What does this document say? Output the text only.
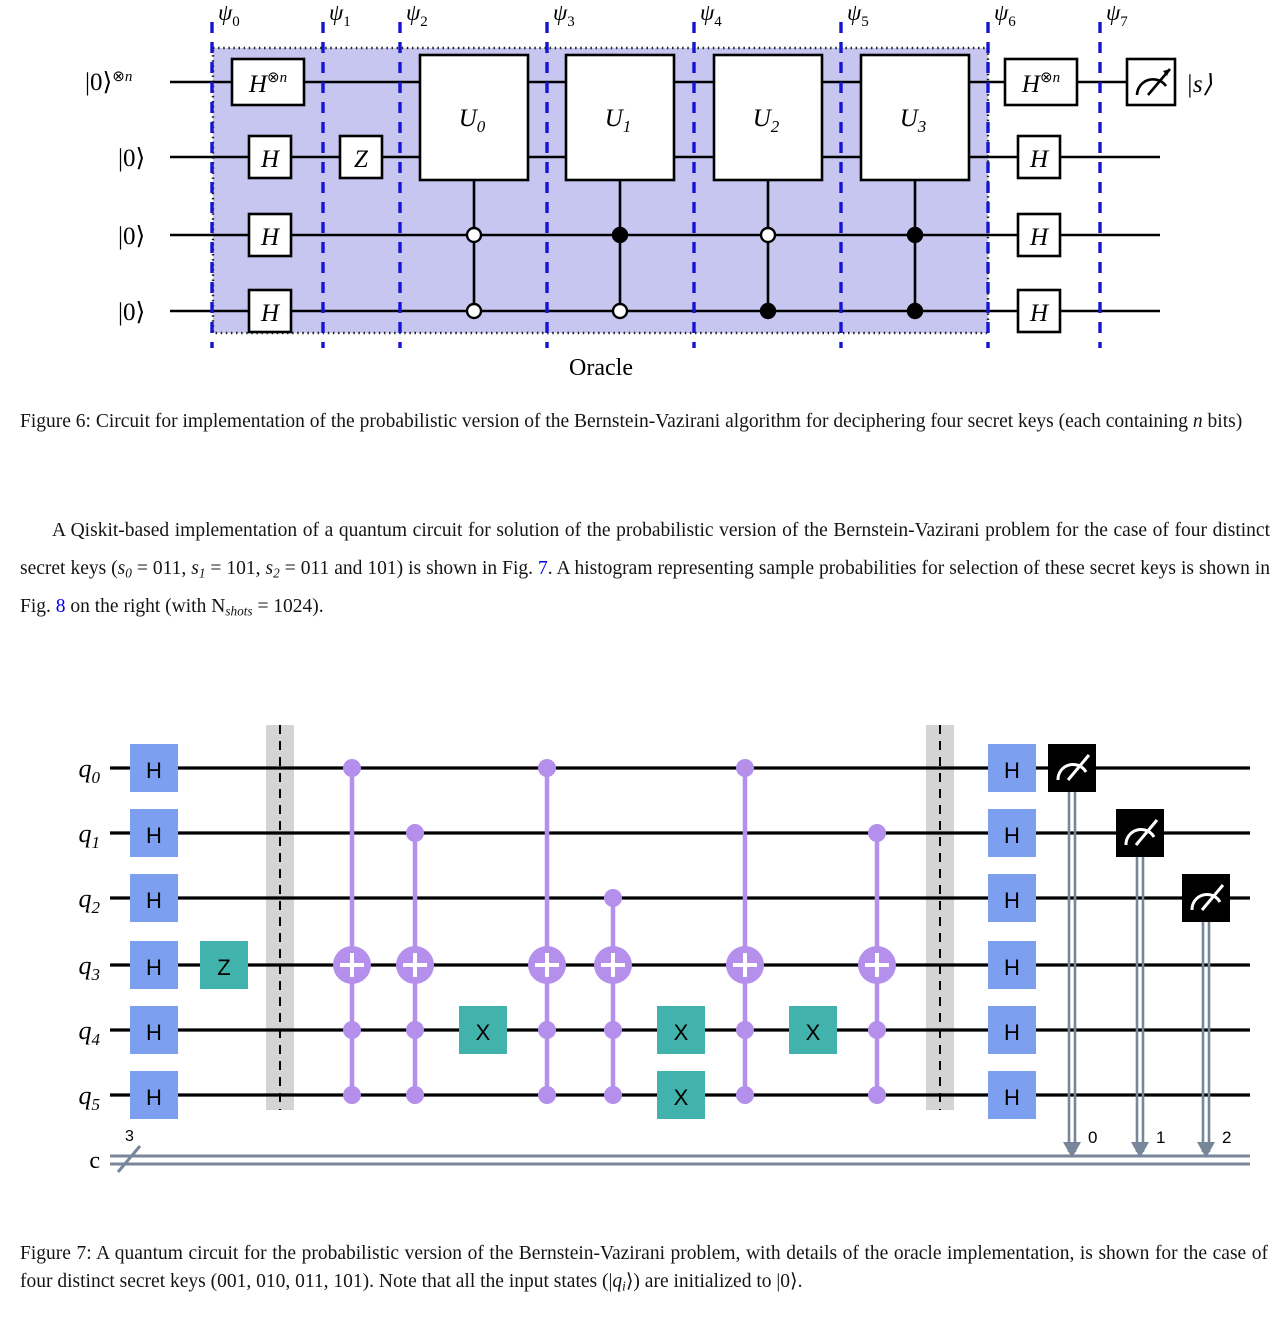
$U_0$	$U_1$	$U_2$	$U_3$
H⊗n
H
H
H
Z
H⊗n
H
H
H
|s⟩
|0⟩⊗n
|0⟩
|0⟩
|0⟩
$\psi_0$	$\psi_1$ $\psi_2$	$\psi_3$	$\psi_4$	$\psi_5$	$\psi_6$	$\psi_7$
Oracle
Figure 6: Circuit for implementation of the probabilistic version of the Bernstein-Vazirani algorithm for deciphering four secret keys (each containing n bits)
A Qiskit-based implementation of a quantum circuit for solution of the probabilistic version of the Bernstein-Vazirani problem for the case of four distinct secret keys ($s_0 = 011$, $s_1 = 101$, $s_2 = 011$ and 101) is shown in Fig. 7. A histogram representing sample probabilities for selection of these secret keys is shown in Fig. 8 on the right (with $N_{shots} = 1024$).
3
$q_0$
$q_1$
$q_2$
$q_3$
$q_4$
$q_5$
c
H
H
H
H
H
H
Z
X	X
X
X
H
H
H
H
H
H
0	1	2
Figure 7: A quantum circuit for the probabilistic version of the Bernstein-Vazirani problem, with details of the oracle implementation, is shown for the case of four distinct secret keys (001, 010, 011, 101). Note that all the input states $(|q_i⟩)$ are initialized to |0⟩.
